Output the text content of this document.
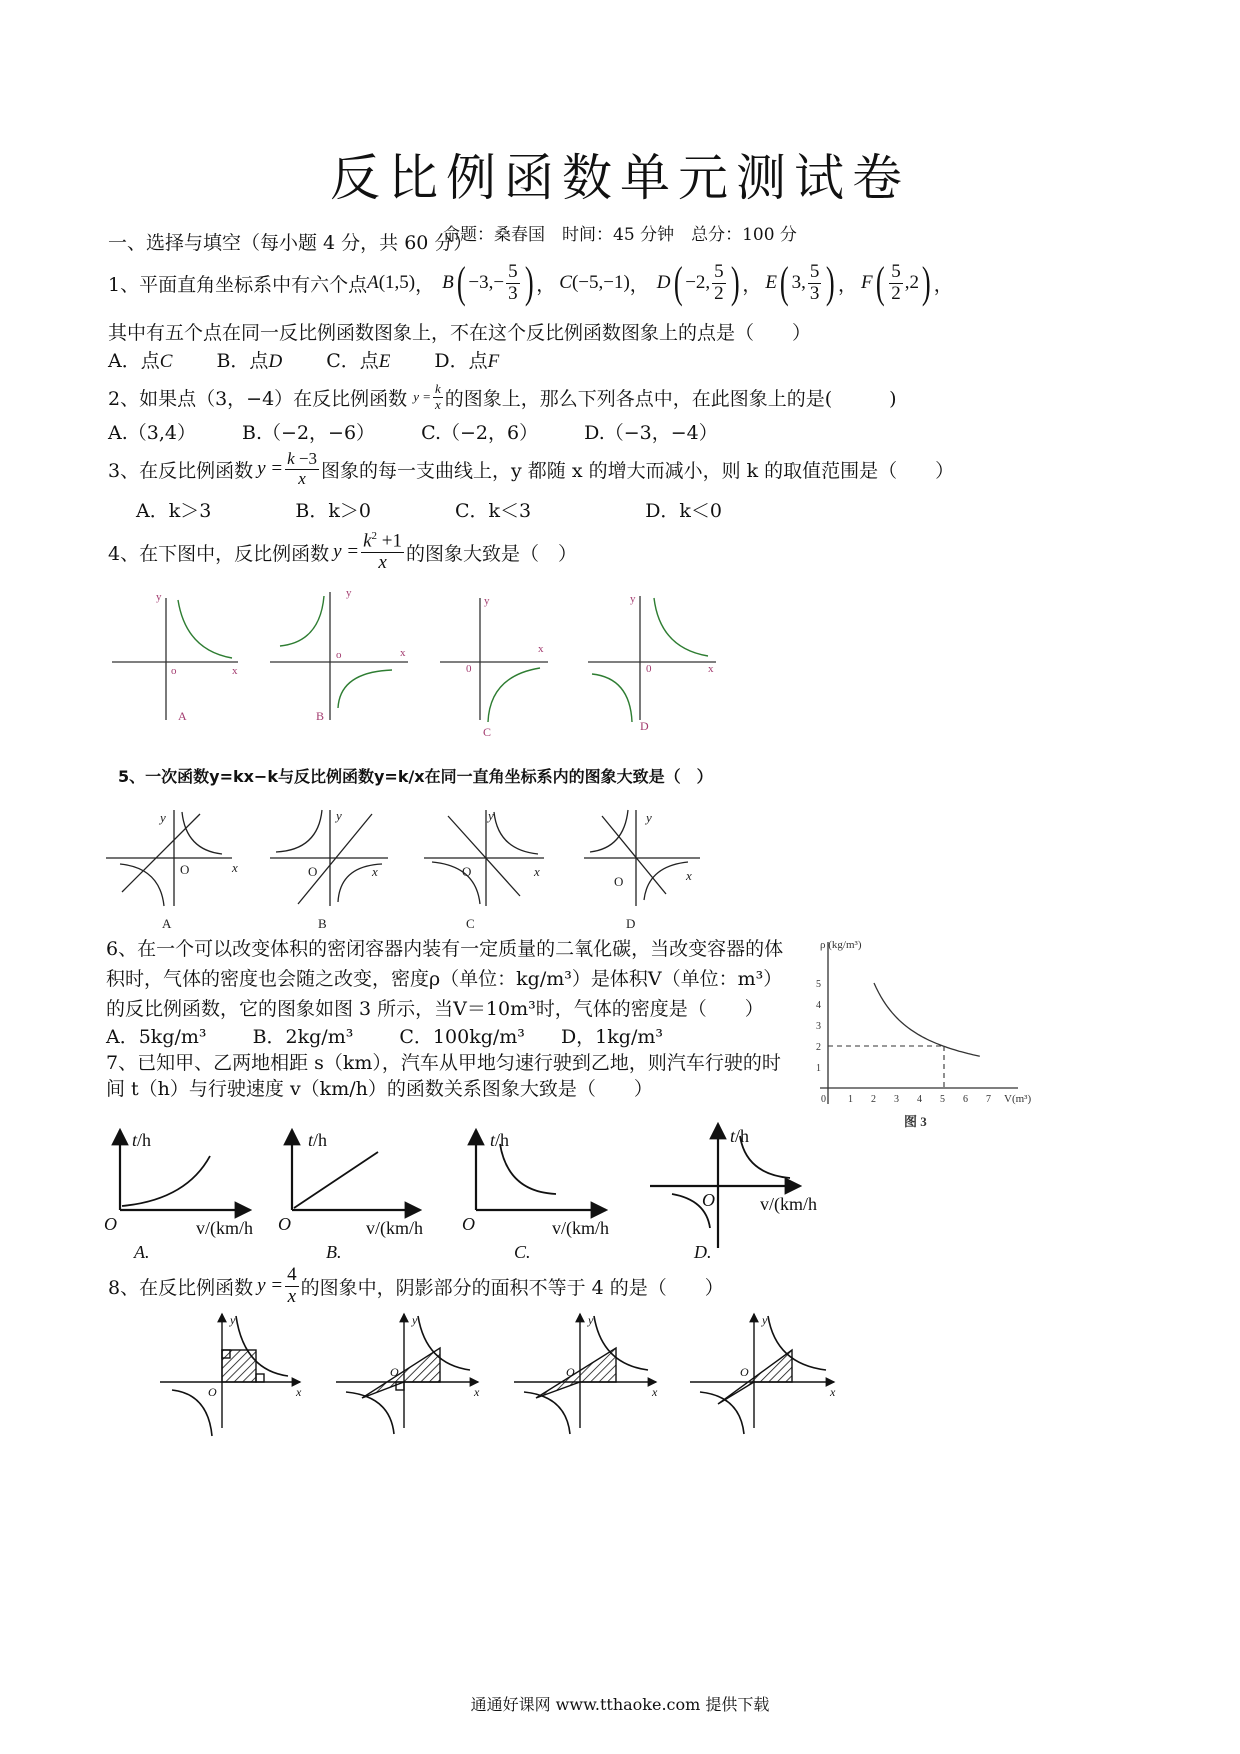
反比例函数单元测试卷
命题：桑春国　时间：45 分钟　总分：100 分
一、选择与填空（每小题 4 分，共 60 分）
1、平面直角坐标系中有六个点 A (1,5) ， B ( $-3,- \frac{5}{3}$ ) ， C (−5,−1) ， D ( −2, $\frac{5}{2}$ ) ， E ( 3, $\frac{5}{3}$ ) ， F ( $\frac{5}{2} ,2$ ) ，
其中有五个点在同一反比例函数图象上，不在这个反比例函数图象上的点是（　　）
A．点C B．点D C．点E D．点F
2、如果点（3，−4）在反比例函数 $y = \frac{k}{x}$ 的图象上，那么下列各点中，在此图象上的是(　　　)
A.（3,4） B.（−2，−6） C.（−2，6） D.（−3，−4）
3、在反比例函数 $y = \frac{k -3}{x}$ 图象的每一支曲线上，y 都随 x 的增大而减小，则 k 的取值范围是（　　）
A．k＞3	B．k＞0	C．k＜3	D．k＜0
4、在下图中，反比例函数 $y = \frac{k^2 +1}{x}$ 的图象大致是（　）
y
x
o
y
x
o
y
x
0
y
x
0
A	B
C	D
5、一次函数y=kx−k与反比例函数y=k/x在同一直角坐标系内的图象大致是（　）
y
x
O
y
x
O
y
x
O
y
x
O
A	B	C	D
6、在一个可以改变体积的密闭容器内装有一定质量的二氧化碳，当改变容器的体
积时，气体的密度也会随之改变，密度ρ（单位：kg/m³）是体积V（单位：m³）
的反比例函数，它的图象如图 3 所示，当V＝10m³时，气体的密度是（　　）
A．5kg/m³ B．2kg/m³ C．100kg/m³ D，1kg/m³
ρ (kg/m³)
V(m³)
图 3
0 1 2 3 4 5 6 7
1
2
3
4
5
7、已知甲、乙两地相距 s（km），汽车从甲地匀速行驶到乙地，则汽车行驶的时
间 t（h）与行驶速度 v（km/h）的函数关系图象大致是（　　）
t/h	t/h	t/h	t/h
O	O	O
O
v/(km/h	v/(km/h	v/(km/h
v/(km/h
A.	B.	C.	D.
8、在反比例函数 $y = \frac{4}{x}$ 的图象中，阴影部分的面积不等于 4 的是（　　）
y
x
O
y
x
O
y
x
O
y
x
O
通通好课网 www.tthaoke.com 提供下载
